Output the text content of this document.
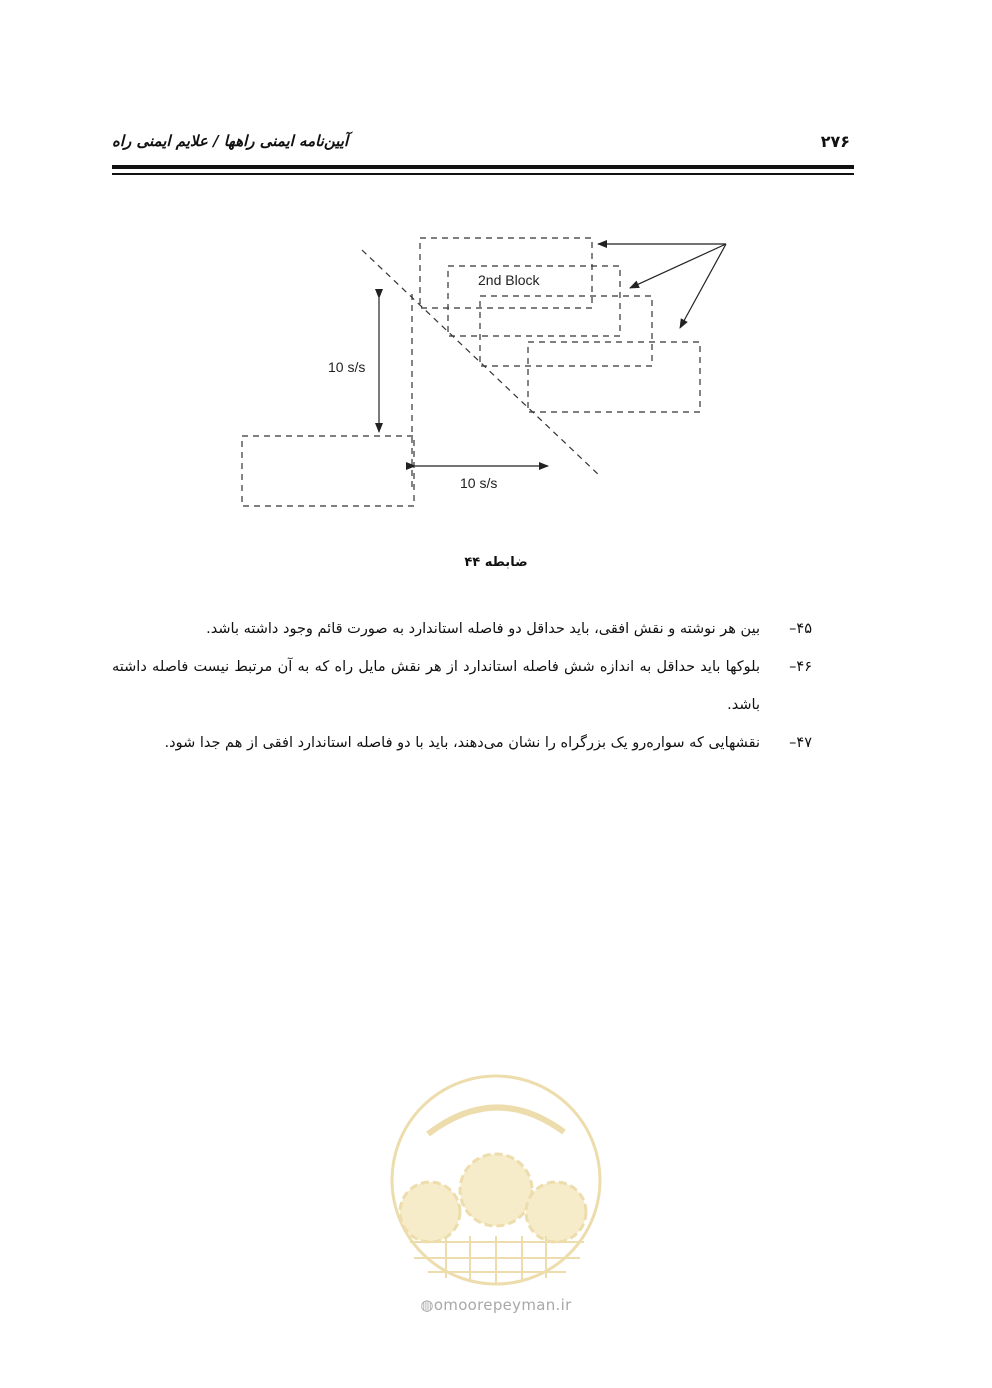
آیین‌نامه ایمنی راهها / علایم ایمنی راه	۲۷۶
2nd Block
10 s/s
10 s/s
ضابطه ۴۴
۴۵–
بین هر نوشته و نقش افقی، باید حداقل دو فاصله استاندارد به صورت قائم وجود داشته باشد.
۴۶–
بلوکها باید حداقل به اندازه شش فاصله استاندارد از هر نقش مایل راه که به آن مرتبط نیست فاصله داشته باشد.
۴۷–
نقشهایی که سواره‌رو یک بزرگراه را نشان می‌دهند، باید با دو فاصله استاندارد افقی از هم جدا شود.
◍omoorepeyman.ir
